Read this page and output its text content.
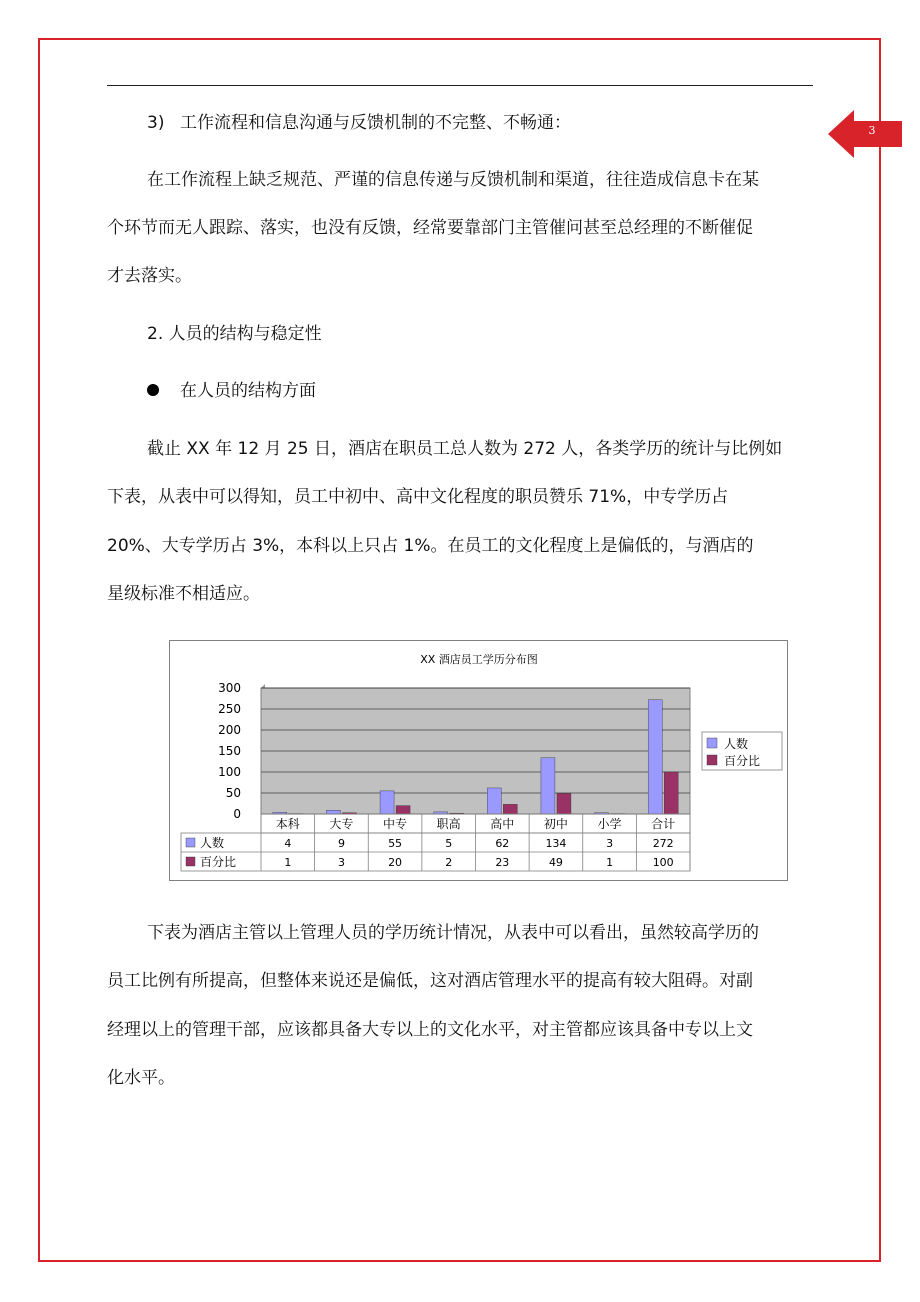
3
3) 工作流程和信息沟通与反馈机制的不完整、不畅通：
在工作流程上缺乏规范、严谨的信息传递与反馈机制和渠道，往往造成信息卡在某
个环节而无人跟踪、落实，也没有反馈，经常要靠部门主管催问甚至总经理的不断催促
才去落实。
2. 人员的结构与稳定性
在人员的结构方面
截止 XX 年 12 月 25 日，酒店在职员工总人数为 272 人，各类学历的统计与比例如
下表，从表中可以得知，员工中初中、高中文化程度的职员赞乐 71%，中专学历占
20%、大专学历占 3%，本科以上只占 1%。在员工的文化程度上是偏低的，与酒店的
星级标准不相适应。
XX 酒店员工学历分布图
300
250
200
150
100
50
0
本科 大专 中专 职高 高中 初中 小学 合计
人数	4	9	55	5	62	134	3	272
百分比	1	3	20	2	23	49	1	100
人数
百分比
下表为酒店主管以上管理人员的学历统计情况，从表中可以看出，虽然较高学历的
员工比例有所提高，但整体来说还是偏低，这对酒店管理水平的提高有较大阻碍。对副
经理以上的管理干部，应该都具备大专以上的文化水平，对主管都应该具备中专以上文
化水平。
